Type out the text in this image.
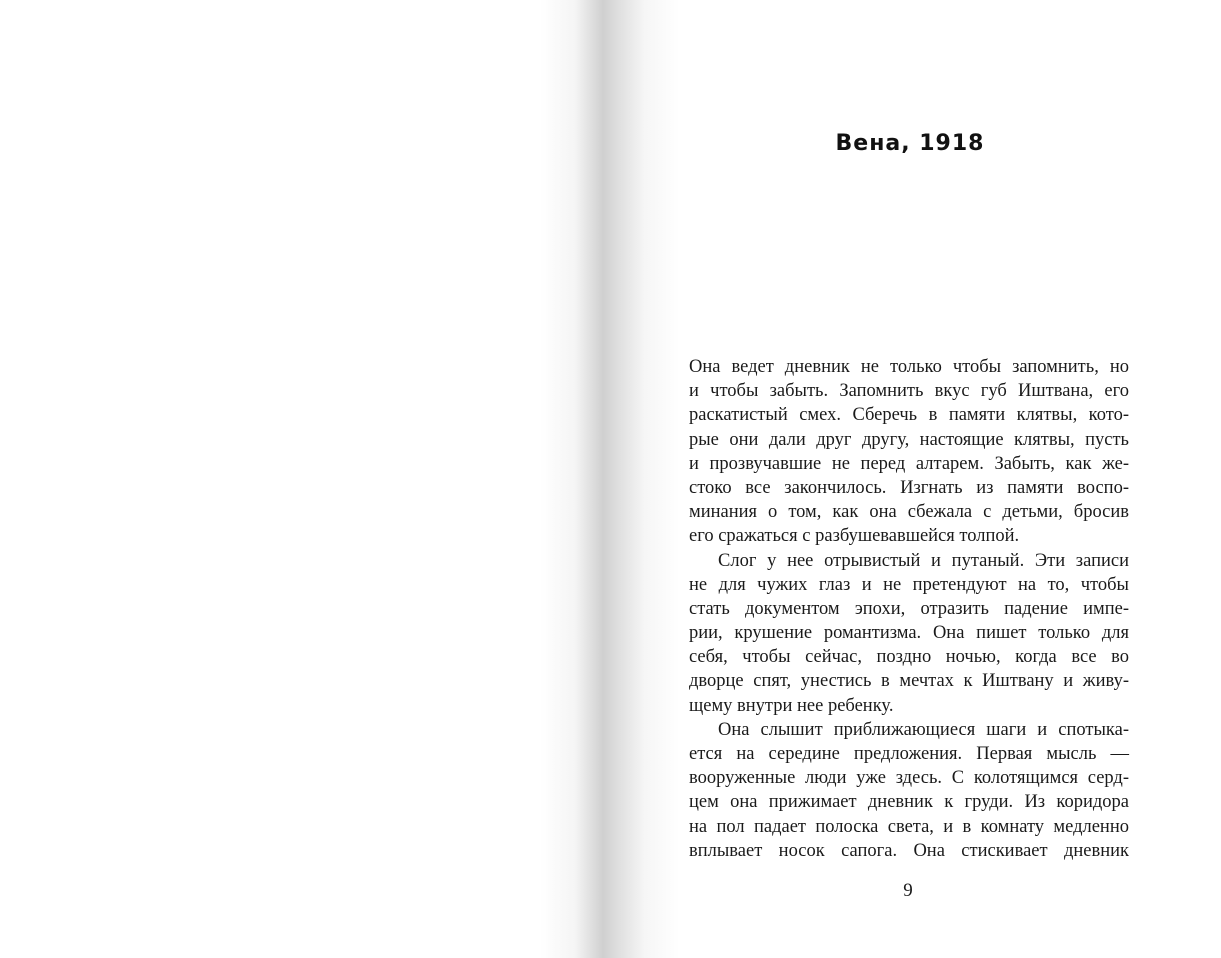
Вена, 1918
Она ведет дневник не только чтобы запомнить, но
и чтобы забыть. Запомнить вкус губ Иштвана, его
раскатистый смех. Сберечь в памяти клятвы, кото-
рые они дали друг другу, настоящие клятвы, пусть
и прозвучавшие не перед алтарем. Забыть, как же-
стоко все закончилось. Изгнать из памяти воспо-
минания о том, как она сбежала с детьми, бросив
его сражаться с разбушевавшейся толпой.
Слог у нее отрывистый и путаный. Эти записи
не для чужих глаз и не претендуют на то, чтобы
стать документом эпохи, отразить падение импе-
рии, крушение романтизма. Она пишет только для
себя, чтобы сейчас, поздно ночью, когда все во
дворце спят, унестись в мечтах к Иштвану и живу-
щему внутри нее ребенку.
Она слышит приближающиеся шаги и спотыка-
ется на середине предложения. Первая мысль —
вооруженные люди уже здесь. С колотящимся серд-
цем она прижимает дневник к груди. Из коридора
на пол падает полоска света, и в комнату медленно
вплывает носок сапога. Она стискивает дневник
9
